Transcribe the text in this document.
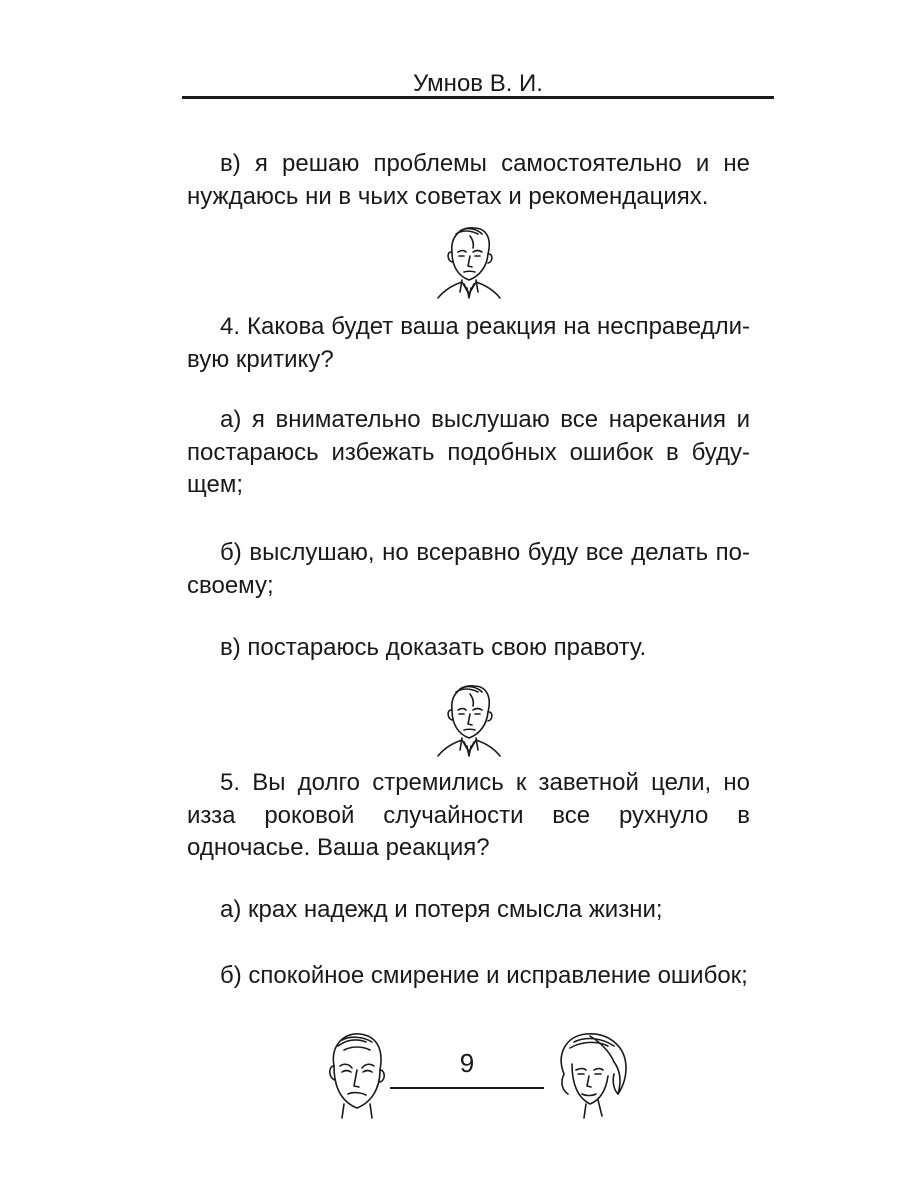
Умнов В. И.

в) я решаю проблемы самостоятельно и не нуждаюсь ни в чьих советах и рекомендациях.

4. Какова будет ваша реакция на несправедливую критику?

а) я внимательно выслушаю все нарекания и постараюсь избежать подобных ошибок в будущем;

б) выслушаю, но всеравно буду все делать посвоему;

в) постараюсь доказать свою правоту.

5. Вы долго стремились к заветной цели, но изза роковой случайности все рухнуло в одночасье. Ваша реакция?

а) крах надежд и потеря смысла жизни;

б) спокойное смирение и исправление ошибок;

9
